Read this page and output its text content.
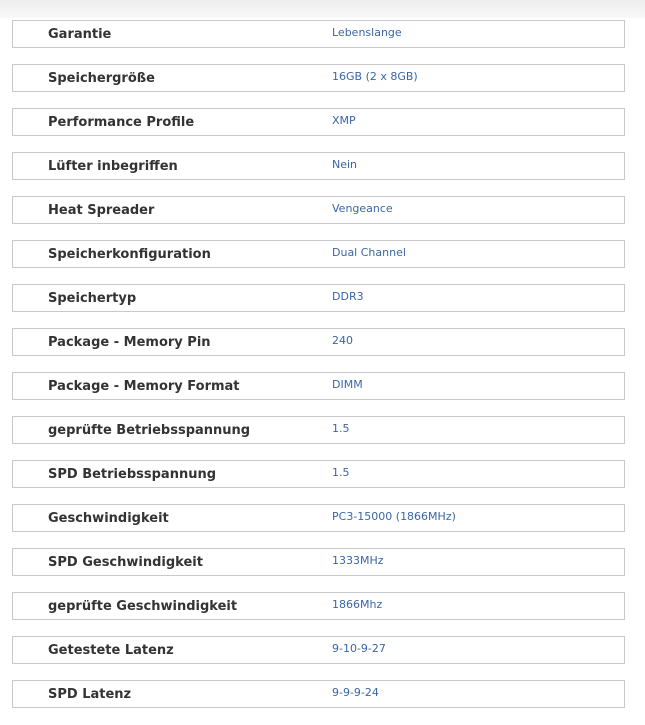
Garantie	Lebenslange
Speichergröße	16GB (2 x 8GB)
Performance Profile	XMP
Lüfter inbegriffen	Nein
Heat Spreader	Vengeance
Speicherkonfiguration	Dual Channel
Speichertyp	DDR3
Package - Memory Pin	240
Package - Memory Format	DIMM
geprüfte Betriebsspannung	1.5
SPD Betriebsspannung	1.5
Geschwindigkeit	PC3-15000 (1866MHz)
SPD Geschwindigkeit	1333MHz
geprüfte Geschwindigkeit	1866Mhz
Getestete Latenz	9-10-9-27
SPD Latenz	9-9-9-24
